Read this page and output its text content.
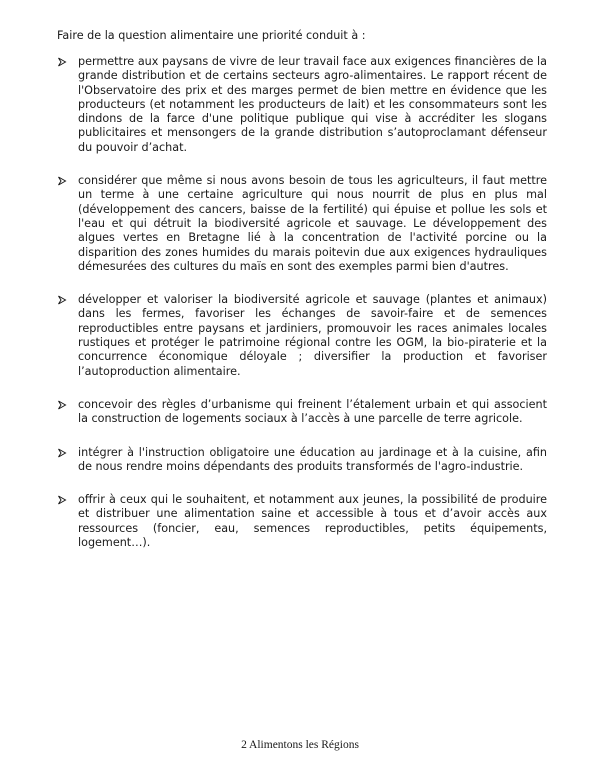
Faire de la question alimentaire une priorité conduit à :

permettre aux paysans de vivre de leur travail face aux exigences financières de la grande distribution et de certains secteurs agro-alimentaires. Le rapport récent de l'Observatoire des prix et des marges permet de bien mettre en évidence que les producteurs (et notamment les producteurs de lait) et les consommateurs sont les dindons de la farce d'une politique publique qui vise à accréditer les slogans publicitaires et mensongers de la grande distribution s’autoproclamant défenseur du pouvoir d’achat.
considérer que même si nous avons besoin de tous les agriculteurs, il faut mettre un terme à une certaine agriculture qui nous nourrit de plus en plus mal (développement des cancers, baisse de la fertilité) qui épuise et pollue les sols et l'eau et qui détruit la biodiversité agricole et sauvage. Le développement des algues vertes en Bretagne lié à la concentration de l'activité porcine ou la disparition des zones humides du marais poitevin due aux exigences hydrauliques démesurées des cultures du maïs en sont des exemples parmi bien d'autres.
développer et valoriser la biodiversité agricole et sauvage (plantes et animaux) dans les fermes, favoriser les échanges de savoir-faire et de semences reproductibles entre paysans et jardiniers, promouvoir les races animales locales rustiques et protéger le patrimoine régional contre les OGM, la bio-piraterie et la concurrence économique déloyale ; diversifier la production et favoriser l’autoproduction alimentaire.
concevoir des règles d’urbanisme qui freinent l’étalement urbain et qui associent la construction de logements sociaux à l’accès à une parcelle de terre agricole.
intégrer à l'instruction obligatoire une éducation au jardinage et à la cuisine, afin de nous rendre moins dépendants des produits transformés de l'agro-industrie.
offrir à ceux qui le souhaitent, et notamment aux jeunes, la possibilité de produire et distribuer une alimentation saine et accessible à tous et d’avoir accès aux ressources (foncier, eau, semences reproductibles, petits équipements, logement…).
2 Alimentons les Régions
